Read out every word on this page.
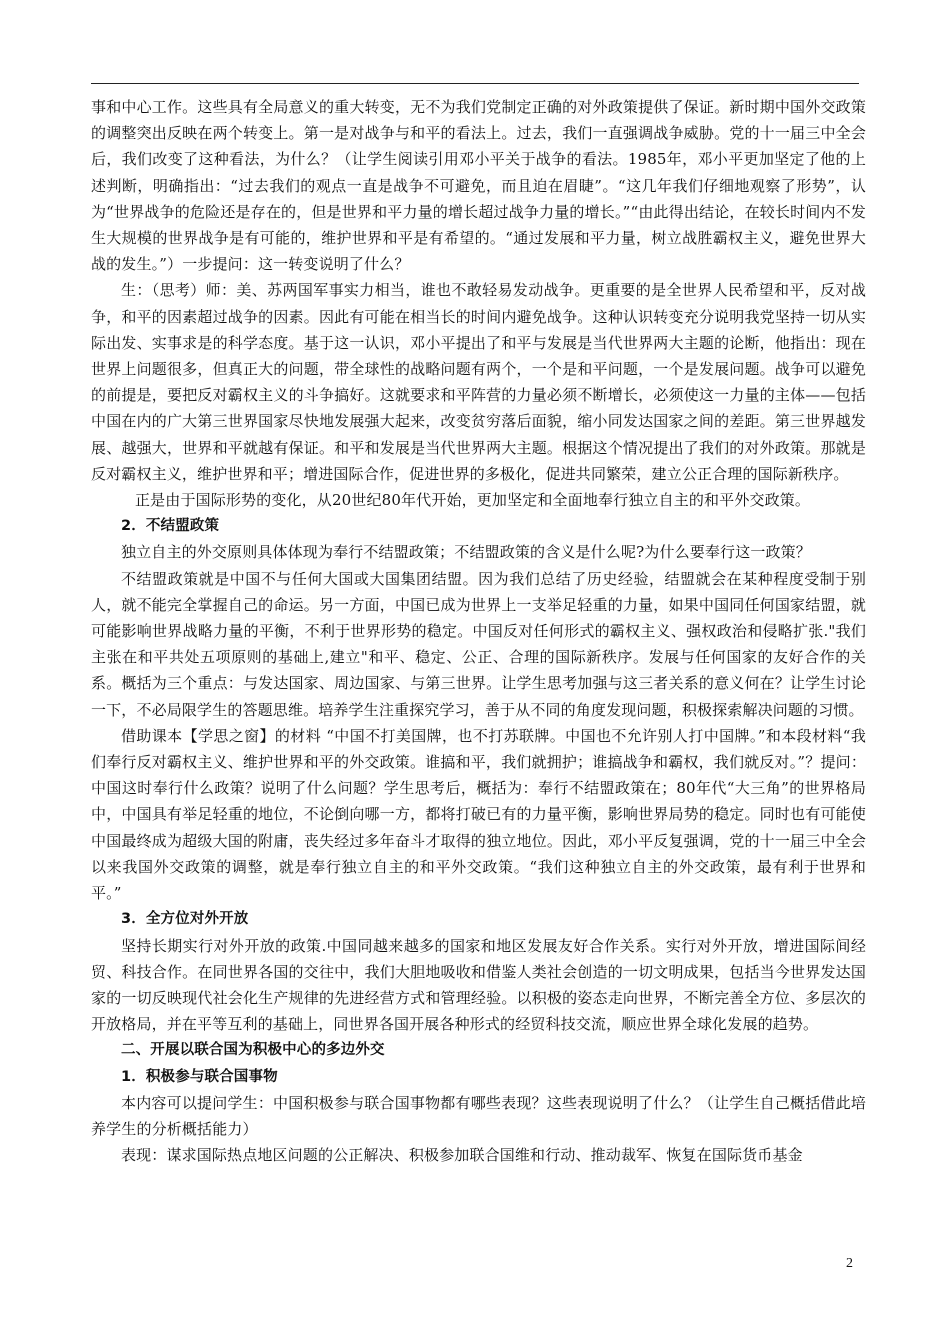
事和中心工作。这些具有全局意义的重大转变，无不为我们党制定正确的对外政策提供了保证。新时期中国外交政策的调整突出反映在两个转变上。第一是对战争与和平的看法上。过去，我们一直强调战争威胁。党的十一届三中全会后，我们改变了这种看法，为什么？（让学生阅读引用邓小平关于战争的看法。1985年，邓小平更加坚定了他的上述判断，明确指出：“过去我们的观点一直是战争不可避免，而且迫在眉睫”。“这几年我们仔细地观察了形势”，认为“世界战争的危险还是存在的，但是世界和平力量的增长超过战争力量的增长。”“由此得出结论，在较长时间内不发生大规模的世界战争是有可能的，维护世界和平是有希望的。“通过发展和平力量，树立战胜霸权主义，避免世界大战的发生。”）一步提问：这一转变说明了什么？

生：（思考）师：美、苏两国军事实力相当，谁也不敢轻易发动战争。更重要的是全世界人民希望和平，反对战争，和平的因素超过战争的因素。因此有可能在相当长的时间内避免战争。这种认识转变充分说明我党坚持一切从实际出发、实事求是的科学态度。基于这一认识，邓小平提出了和平与发展是当代世界两大主题的论断，他指出：现在世界上问题很多，但真正大的问题，带全球性的战略问题有两个，一个是和平问题，一个是发展问题。战争可以避免的前提是，要把反对霸权主义的斗争搞好。这就要求和平阵营的力量必须不断增长，必须使这一力量的主体——包括中国在内的广大第三世界国家尽快地发展强大起来，改变贫穷落后面貌，缩小同发达国家之间的差距。第三世界越发展、越强大，世界和平就越有保证。和平和发展是当代世界两大主题。根据这个情况提出了我们的对外政策。那就是反对霸权主义，维护世界和平；增进国际合作，促进世界的多极化，促进共同繁荣，建立公正合理的国际新秩序。

正是由于国际形势的变化，从20世纪80年代开始，更加坚定和全面地奉行独立自主的和平外交政策。

2．不结盟政策

独立自主的外交原则具体体现为奉行不结盟政策；不结盟政策的含义是什么呢?为什么要奉行这一政策？

不结盟政策就是中国不与任何大国或大国集团结盟。因为我们总结了历史经验，结盟就会在某种程度受制于别人，就不能完全掌握自己的命运。另一方面，中国已成为世界上一支举足轻重的力量，如果中国同任何国家结盟，就可能影响世界战略力量的平衡，不利于世界形势的稳定。中国反对任何形式的霸权主义、强权政治和侵略扩张."我们主张在和平共处五项原则的基础上,建立"和平、稳定、公正、合理的国际新秩序。发展与任何国家的友好合作的关系。概括为三个重点：与发达国家、周边国家、与第三世界。让学生思考加强与这三者关系的意义何在？让学生讨论一下，不必局限学生的答题思维。培养学生注重探究学习，善于从不同的角度发现问题，积极探索解决问题的习惯。

借助课本【学思之窗】的材料 “中国不打美国牌，也不打苏联牌。中国也不允许别人打中国牌。”和本段材料“我们奉行反对霸权主义、维护世界和平的外交政策。谁搞和平，我们就拥护；谁搞战争和霸权，我们就反对。”？提问：中国这时奉行什么政策？说明了什么问题？学生思考后，概括为：奉行不结盟政策在；80年代“大三角”的世界格局中，中国具有举足轻重的地位，不论倒向哪一方，都将打破已有的力量平衡，影响世界局势的稳定。同时也有可能使中国最终成为超级大国的附庸，丧失经过多年奋斗才取得的独立地位。因此，邓小平反复强调，党的十一届三中全会以来我国外交政策的调整，就是奉行独立自主的和平外交政策。“我们这种独立自主的外交政策，最有利于世界和平。”

3．全方位对外开放

坚持长期实行对外开放的政策.中国同越来越多的国家和地区发展友好合作关系。实行对外开放，增进国际间经贸、科技合作。在同世界各国的交往中，我们大胆地吸收和借鉴人类社会创造的一切文明成果，包括当今世界发达国家的一切反映现代社会化生产规律的先进经营方式和管理经验。以积极的姿态走向世界，不断完善全方位、多层次的开放格局，并在平等互利的基础上，同世界各国开展各种形式的经贸科技交流，顺应世界全球化发展的趋势。

二、开展以联合国为积极中心的多边外交

1．积极参与联合国事物

本内容可以提问学生：中国积极参与联合国事物都有哪些表现？这些表现说明了什么？（让学生自己概括借此培养学生的分析概括能力）

表现：谋求国际热点地区问题的公正解决、积极参加联合国维和行动、推动裁军、恢复在国际货币基金

2
